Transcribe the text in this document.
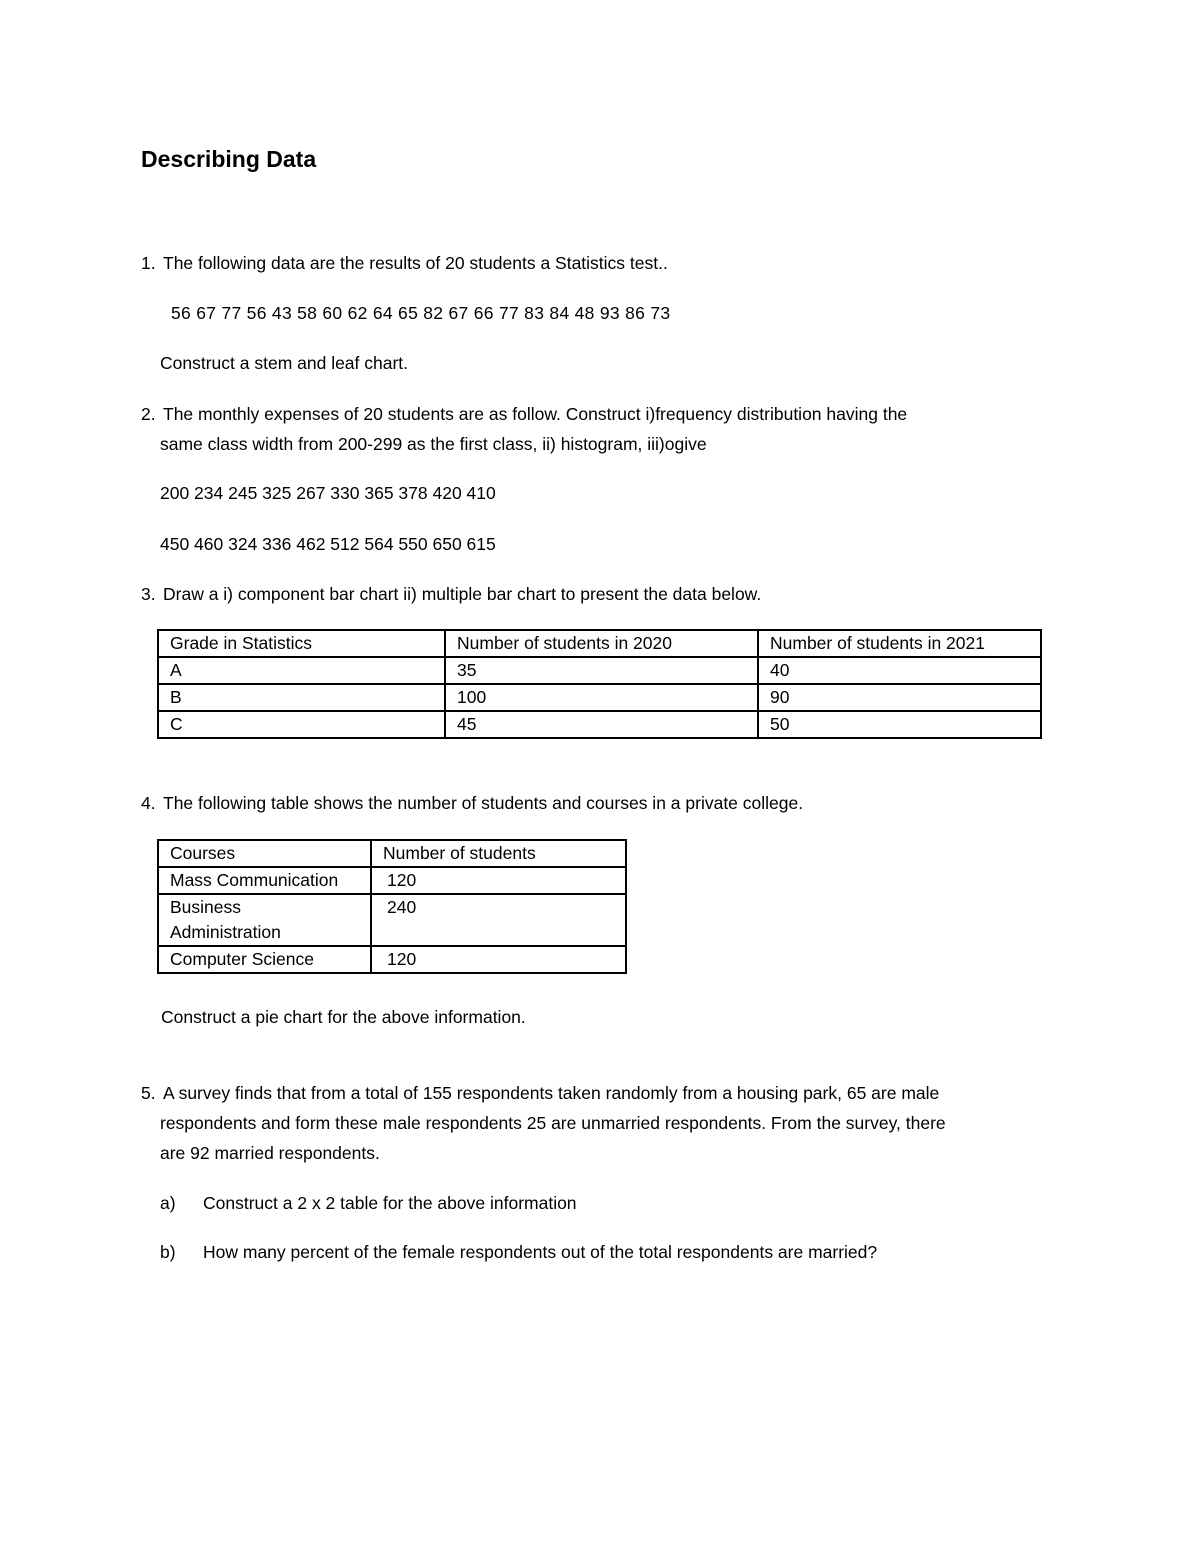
Describing Data
1. The following data are the results of 20 students a Statistics test..
56 67 77 56 43 58 60 62 64 65 82 67 66 77 83 84 48 93 86 73
Construct a stem and leaf chart.
2. The monthly expenses of 20 students are as follow. Construct i)frequency distribution having the
same class width from 200-299 as the first class, ii) histogram, iii)ogive
200 234 245 325 267 330 365 378 420 410
450 460 324 336 462 512 564 550 650 615
3. Draw a i) component bar chart ii) multiple bar chart to present the data below.
Grade in Statistics	Number of students in 2020	Number of students in 2021
A	35	40
B	100	90
C	45	50
4. The following table shows the number of students and courses in a private college.
Courses	Number of students
Mass Communication	120

Business
Administration	240
Computer Science	120
Construct a pie chart for the above information.
5. A survey finds that from a total of 155 respondents taken randomly from a housing park, 65 are male
respondents and form these male respondents 25 are unmarried respondents. From the survey, there
are 92 married respondents.
a) Construct a 2 x 2 table for the above information
b) How many percent of the female respondents out of the total respondents are married?
